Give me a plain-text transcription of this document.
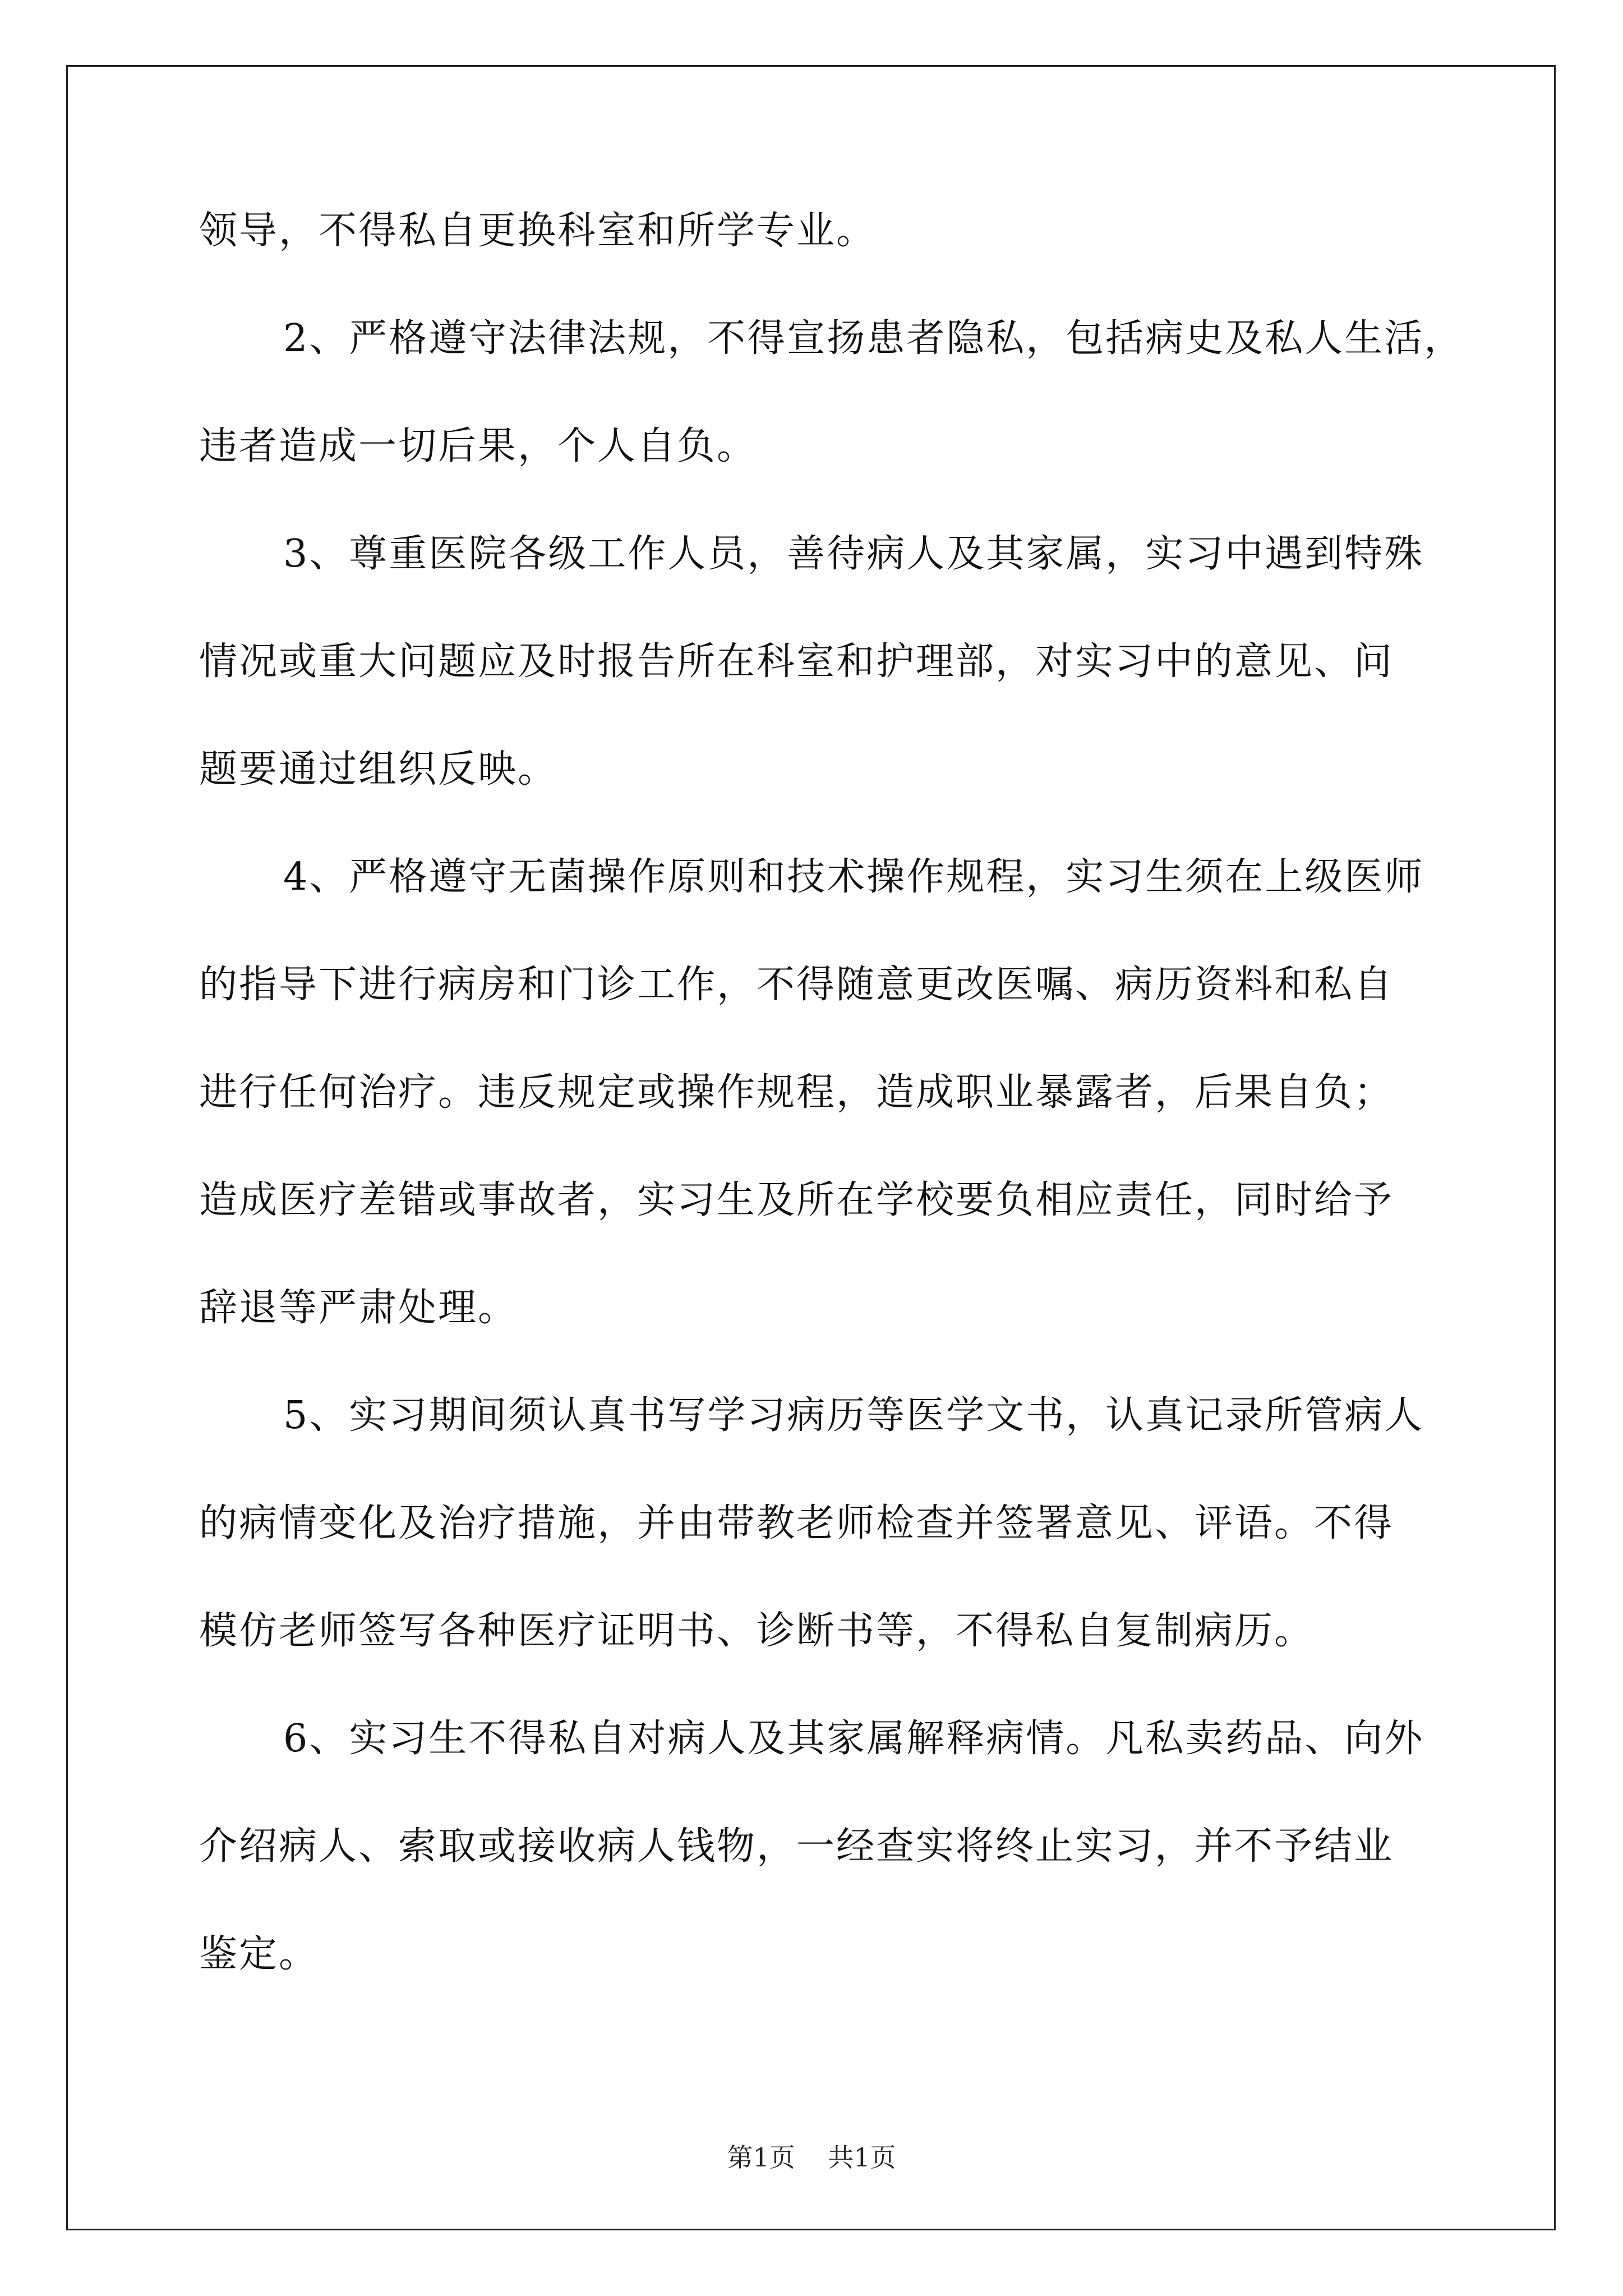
领导，不得私自更换科室和所学专业。
2、严格遵守法律法规，不得宣扬患者隐私，包括病史及私人生活，
违者造成一切后果，个人自负。
3、尊重医院各级工作人员，善待病人及其家属，实习中遇到特殊
情况或重大问题应及时报告所在科室和护理部，对实习中的意见、问
题要通过组织反映。
4、严格遵守无菌操作原则和技术操作规程，实习生须在上级医师
的指导下进行病房和门诊工作，不得随意更改医嘱、病历资料和私自
进行任何治疗。违反规定或操作规程，造成职业暴露者，后果自负；
造成医疗差错或事故者，实习生及所在学校要负相应责任，同时给予
辞退等严肃处理。
5、实习期间须认真书写学习病历等医学文书，认真记录所管病人
的病情变化及治疗措施，并由带教老师检查并签署意见、评语。不得
模仿老师签写各种医疗证明书、诊断书等，不得私自复制病历。
6、实习生不得私自对病人及其家属解释病情。凡私卖药品、向外
介绍病人、索取或接收病人钱物，一经查实将终止实习，并不予结业
鉴定。
第1页 共1页
